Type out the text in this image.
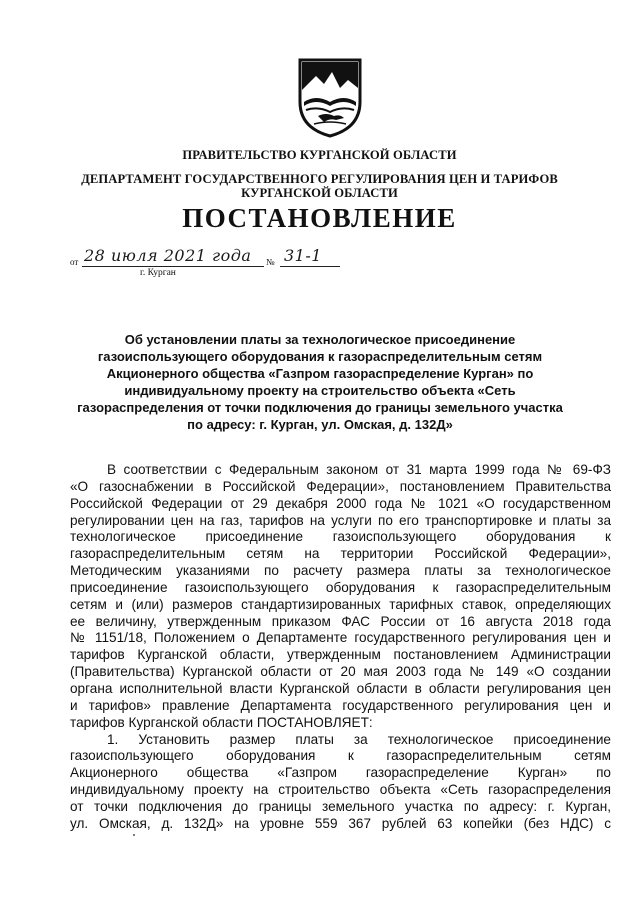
ПРАВИТЕЛЬСТВО КУРГАНСКОЙ ОБЛАСТИ
ДЕПАРТАМЕНТ ГОСУДАРСТВЕННОГО РЕГУЛИРОВАНИЯ ЦЕН И ТАРИФОВ
КУРГАНСКОЙ ОБЛАСТИ
ПОСТАНОВЛЕНИЕ
от 28 июля 2021 года № 31-1
г. Курган
Об установлении платы за технологическое присоединение
газоиспользующего оборудования к газораспределительным сетям
Акционерного общества «Газпром газораспределение Курган» по
индивидуальному проекту на строительство объекта «Сеть
газораспределения от точки подключения до границы земельного участка
по адресу: г. Курган, ул. Омская, д. 132Д»
В соответствии с Федеральным законом от 31 марта 1999 года № 69-ФЗ
«О газоснабжении в Российской Федерации», постановлением Правительства
Российской Федерации от 29 декабря 2000 года № 1021 «О государственном
регулировании цен на газ, тарифов на услуги по его транспортировке и платы за
технологическое присоединение газоиспользующего оборудования к
газораспределительным сетям на территории Российской Федерации»,
Методическим указаниями по расчету размера платы за технологическое
присоединение газоиспользующего оборудования к газораспределительным
сетям и (или) размеров стандартизированных тарифных ставок, определяющих
ее величину, утвержденным приказом ФАС России от 16 августа 2018 года
№ 1151/18, Положением о Департаменте государственного регулирования цен и
тарифов Курганской области, утвержденным постановлением Администрации
(Правительства) Курганской области от 20 мая 2003 года № 149 «О создании
органа исполнительной власти Курганской области в области регулирования цен
и тарифов» правление Департамента государственного регулирования цен и
тарифов Курганской области ПОСТАНОВЛЯЕТ:
1. Установить размер платы за технологическое присоединение
газоиспользующего оборудования к газораспределительным сетям
Акционерного общества «Газпром газораспределение Курган» по
индивидуальному проекту на строительство объекта «Сеть газораспределения
от точки подключения до границы земельного участка по адресу: г. Курган,
ул. Омская, д. 132Д» на уровне 559 367 рублей 63 копейки (без НДС) с
